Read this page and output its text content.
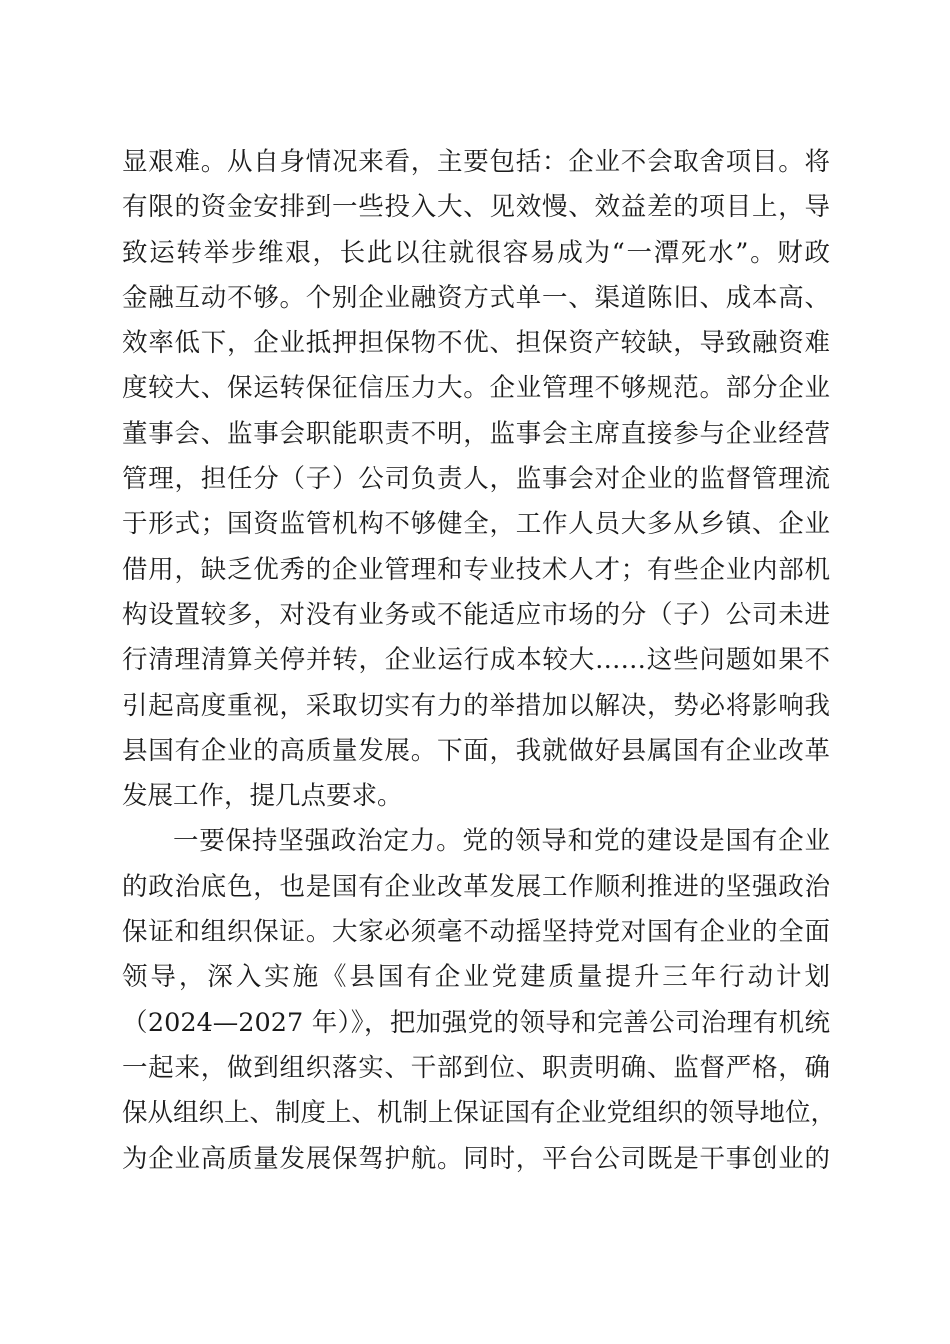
显艰难。从自身情况来看，主要包括：企业不会取舍项目。将
有限的资金安排到一些投入大、见效慢、效益差的项目上，导
致运转举步维艰，长此以往就很容易成为“一潭死水”。财政
金融互动不够。个别企业融资方式单一、渠道陈旧、成本高、
效率低下，企业抵押担保物不优、担保资产较缺，导致融资难
度较大、保运转保征信压力大。企业管理不够规范。部分企业
董事会、监事会职能职责不明，监事会主席直接参与企业经营
管理，担任分（子）公司负责人，监事会对企业的监督管理流
于形式；国资监管机构不够健全，工作人员大多从乡镇、企业
借用，缺乏优秀的企业管理和专业技术人才；有些企业内部机
构设置较多，对没有业务或不能适应市场的分（子）公司未进
行清理清算关停并转，企业运行成本较大……这些问题如果不
引起高度重视，采取切实有力的举措加以解决，势必将影响我
县国有企业的高质量发展。下面，我就做好县属国有企业改革
发展工作，提几点要求。
一要保持坚强政治定力。党的领导和党的建设是国有企业
的政治底色，也是国有企业改革发展工作顺利推进的坚强政治
保证和组织保证。大家必须毫不动摇坚持党对国有企业的全面
领导，深入实施《县国有企业党建质量提升三年行动计划
（2024—2027 年）》，把加强党的领导和完善公司治理有机统
一起来，做到组织落实、干部到位、职责明确、监督严格，确
保从组织上、制度上、机制上保证国有企业党组织的领导地位，
为企业高质量发展保驾护航。同时，平台公司既是干事创业的
